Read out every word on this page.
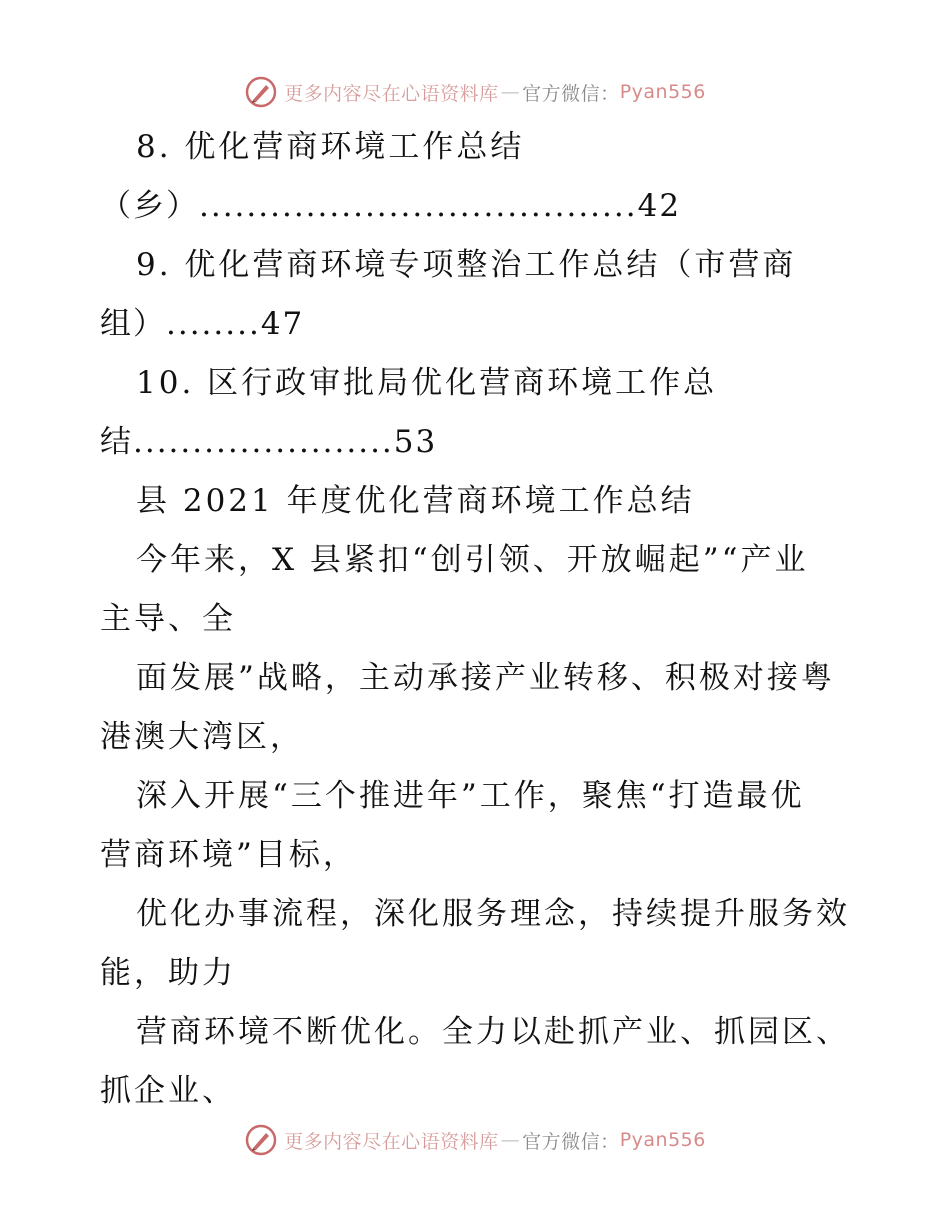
更多内容尽在心语资料库 — 官方微信： Pyan556
8. 优化营商环境工作总结
（乡）.....................................42
9. 优化营商环境专项整治工作总结（市营商
组）........47
10. 区行政审批局优化营商环境工作总
结......................53
县 2021 年度优化营商环境工作总结
今年来，X 县紧扣“创引领、开放崛起”“产业
主导、全
面发展”战略，主动承接产业转移、积极对接粤
港澳大湾区，
深入开展“三个推进年”工作，聚焦“打造最优
营商环境”目标，
优化办事流程，深化服务理念，持续提升服务效
能，助力
营商环境不断优化。全力以赴抓产业、抓园区、
抓企业、
更多内容尽在心语资料库 — 官方微信： Pyan556
